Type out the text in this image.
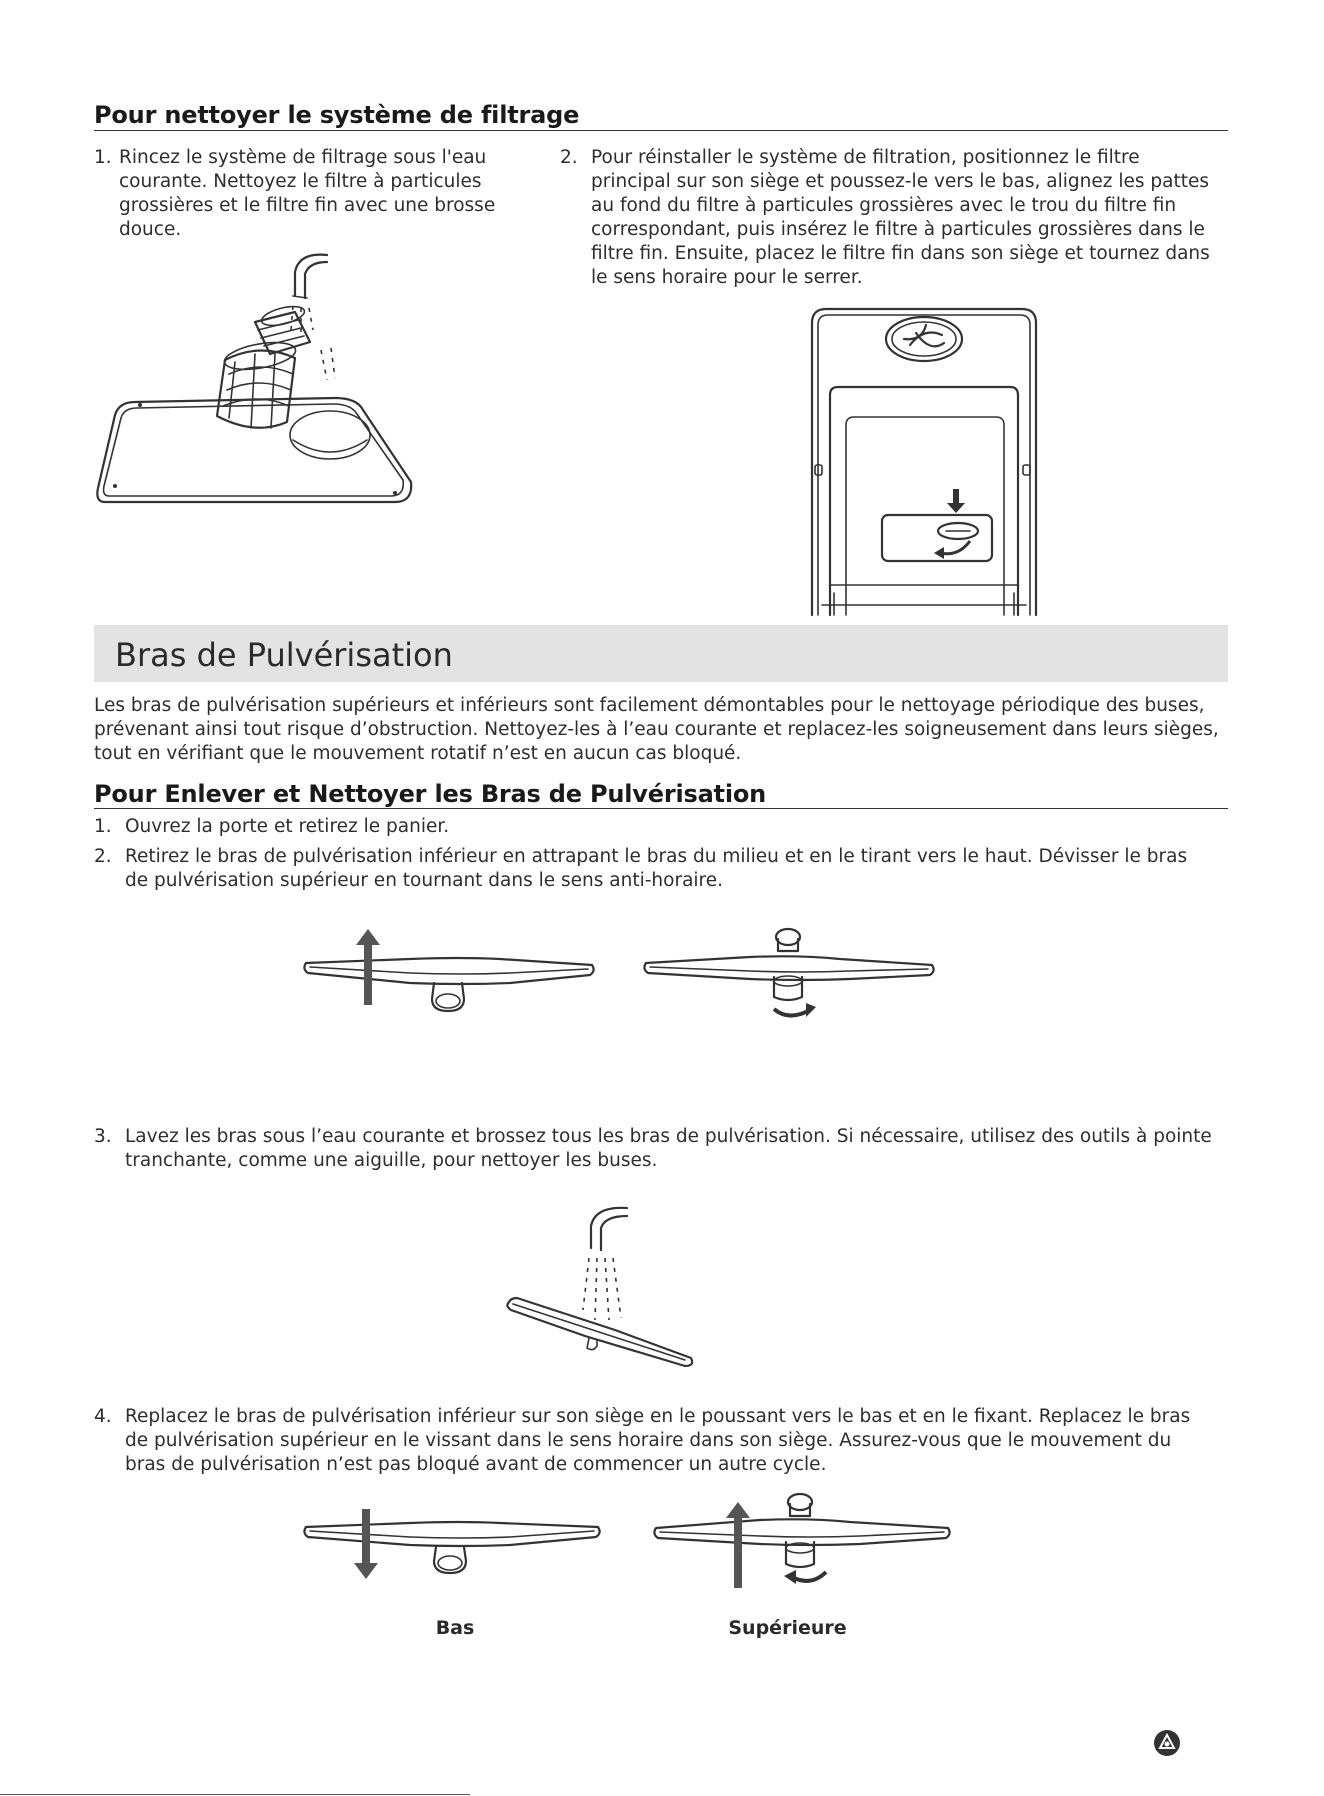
Pour nettoyer le système de filtrage
1. Rincez le système de filtrage sous l'eau courante. Nettoyez le filtre à particules grossières et le filtre fin avec une brosse douce.
2. Pour réinstaller le système de filtration, positionnez le filtre principal sur son siège et poussez-le vers le bas, alignez les pattes au fond du filtre à particules grossières avec le trou du filtre fin correspondant, puis insérez le filtre à particules grossières dans le filtre fin. Ensuite, placez le filtre fin dans son siège et tournez dans le sens horaire pour le serrer.
Bras de Pulvérisation
Les bras de pulvérisation supérieurs et inférieurs sont facilement démontables pour le nettoyage périodique des buses, prévenant ainsi tout risque d’obstruction. Nettoyez-les à l’eau courante et replacez-les soigneusement dans leurs sièges, tout en vérifiant que le mouvement rotatif n’est en aucun cas bloqué.
Pour Enlever et Nettoyer les Bras de Pulvérisation
1. Ouvrez la porte et retirez le panier.
2. Retirez le bras de pulvérisation inférieur en attrapant le bras du milieu et en le tirant vers le haut. Dévisser le bras de pulvérisation supérieur en tournant dans le sens anti-horaire.
3. Lavez les bras sous l’eau courante et brossez tous les bras de pulvérisation. Si nécessaire, utilisez des outils à pointe tranchante, comme une aiguille, pour nettoyer les buses.
4. Replacez le bras de pulvérisation inférieur sur son siège en le poussant vers le bas et en le fixant. Replacez le bras de pulvérisation supérieur en le vissant dans le sens horaire dans son siège. Assurez-vous que le mouvement du bras de pulvérisation n’est pas bloqué avant de commencer un autre cycle.
Bas	Supérieure
